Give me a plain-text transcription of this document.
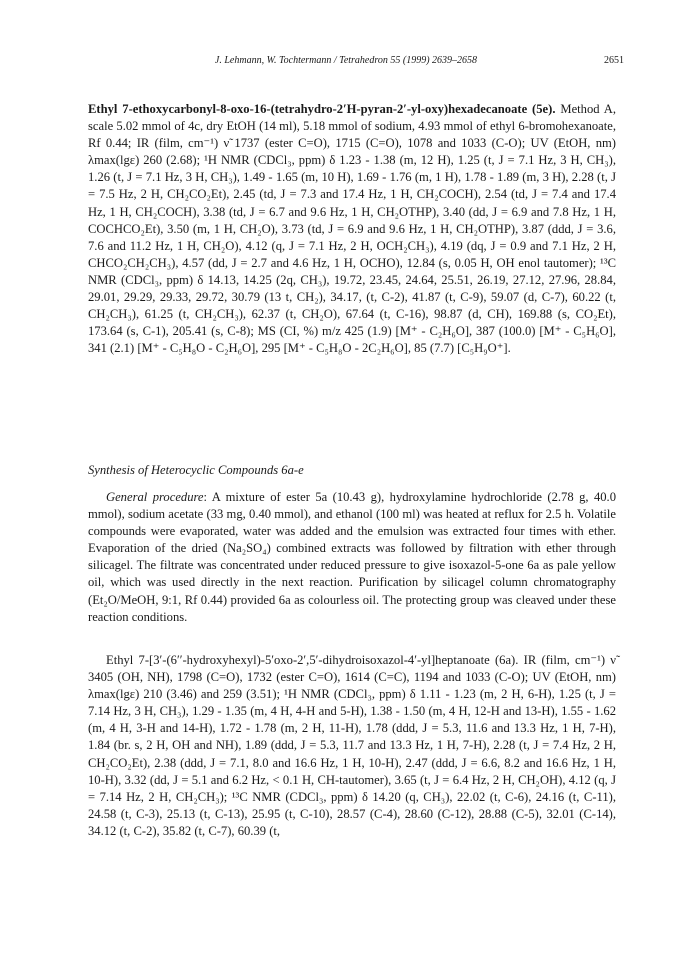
J. Lehmann, W. Tochtermann / Tetrahedron 55 (1999) 2639–2658	2651

Ethyl 7-ethoxycarbonyl-8-oxo-16-(tetrahydro-2′H-pyran-2′-yl-oxy)hexadecanoate (5e). Method A, scale 5.02 mmol of 4c, dry EtOH (14 ml), 5.18 mmol of sodium, 4.93 mmol of ethyl 6-bromohexanoate, Rf 0.44; IR (film, cm⁻¹) ν̃ 1737 (ester C=O), 1715 (C=O), 1078 and 1033 (C-O); UV (EtOH, nm) λmax(lgε) 260 (2.68); ¹H NMR (CDCl₃, ppm) δ 1.23 - 1.38 (m, 12 H), 1.25 (t, J = 7.1 Hz, 3 H, CH₃), 1.26 (t, J = 7.1 Hz, 3 H, CH₃), 1.49 - 1.65 (m, 10 H), 1.69 - 1.76 (m, 1 H), 1.78 - 1.89 (m, 3 H), 2.28 (t, J = 7.5 Hz, 2 H, CH₂CO₂Et), 2.45 (td, J = 7.3 and 17.4 Hz, 1 H, CH₂COCH), 2.54 (td, J = 7.4 and 17.4 Hz, 1 H, CH₂COCH), 3.38 (td, J = 6.7 and 9.6 Hz, 1 H, CH₂OTHP), 3.40 (dd, J = 6.9 and 7.8 Hz, 1 H, COCHCO₂Et), 3.50 (m, 1 H, CH₂O), 3.73 (td, J = 6.9 and 9.6 Hz, 1 H, CH₂OTHP), 3.87 (ddd, J = 3.6, 7.6 and 11.2 Hz, 1 H, CH₂O), 4.12 (q, J = 7.1 Hz, 2 H, OCH₂CH₃), 4.19 (dq, J = 0.9 and 7.1 Hz, 2 H, CHCO₂CH₂CH₃), 4.57 (dd, J = 2.7 and 4.6 Hz, 1 H, OCHO), 12.84 (s, 0.05 H, OH enol tautomer); ¹³C NMR (CDCl₃, ppm) δ 14.13, 14.25 (2q, CH₃), 19.72, 23.45, 24.64, 25.51, 26.19, 27.12, 27.96, 28.84, 29.01, 29.29, 29.33, 29.72, 30.79 (13 t, CH₂), 34.17, (t, C-2), 41.87 (t, C-9), 59.07 (d, C-7), 60.22 (t, CH₂CH₃), 61.25 (t, CH₂CH₃), 62.37 (t, CH₂O), 67.64 (t, C-16), 98.87 (d, CH), 169.88 (s, CO₂Et), 173.64 (s, C-1), 205.41 (s, C-8); MS (CI, %) m/z 425 (1.9) [M⁺ - C₂H₆O], 387 (100.0) [M⁺ - C₅H₆O], 341 (2.1) [M⁺ - C₅H₈O - C₂H₆O], 295 [M⁺ - C₅H₈O - 2C₂H₆O], 85 (7.7) [C₅H₉O⁺].

Synthesis of Heterocyclic Compounds 6a-e

General procedure: A mixture of ester 5a (10.43 g), hydroxylamine hydrochloride (2.78 g, 40.0 mmol), sodium acetate (33 mg, 0.40 mmol), and ethanol (100 ml) was heated at reflux for 2.5 h. Volatile compounds were evaporated, water was added and the emulsion was extracted four times with ether. Evaporation of the dried (Na₂SO₄) combined extracts was followed by filtration with ether through silicagel. The filtrate was concentrated under reduced pressure to give isoxazol-5-one 6a as pale yellow oil, which was used directly in the next reaction. Purification by silicagel column chromatography (Et₂O/MeOH, 9:1, Rf 0.44) provided 6a as colourless oil. The protecting group was cleaved under these reaction conditions.

Ethyl 7-[3′-(6′′-hydroxyhexyl)-5′oxo-2′,5′-dihydroisoxazol-4′-yl]heptanoate (6a). IR (film, cm⁻¹) ν̃ 3405 (OH, NH), 1798 (C=O), 1732 (ester C=O), 1614 (C=C), 1194 and 1033 (C-O); UV (EtOH, nm) λmax(lgε) 210 (3.46) and 259 (3.51); ¹H NMR (CDCl₃, ppm) δ 1.11 - 1.23 (m, 2 H, 6-H), 1.25 (t, J = 7.14 Hz, 3 H, CH₃), 1.29 - 1.35 (m, 4 H, 4-H and 5-H), 1.38 - 1.50 (m, 4 H, 12-H and 13-H), 1.55 - 1.62 (m, 4 H, 3-H and 14-H), 1.72 - 1.78 (m, 2 H, 11-H), 1.78 (ddd, J = 5.3, 11.6 and 13.3 Hz, 1 H, 7-H), 1.84 (br. s, 2 H, OH and NH), 1.89 (ddd, J = 5.3, 11.7 and 13.3 Hz, 1 H, 7-H), 2.28 (t, J = 7.4 Hz, 2 H, CH₂CO₂Et), 2.38 (ddd, J = 7.1, 8.0 and 16.6 Hz, 1 H, 10-H), 2.47 (ddd, J = 6.6, 8.2 and 16.6 Hz, 1 H, 10-H), 3.32 (dd, J = 5.1 and 6.2 Hz, < 0.1 H, CH-tautomer), 3.65 (t, J = 6.4 Hz, 2 H, CH₂OH), 4.12 (q, J = 7.14 Hz, 2 H, CH₂CH₃); ¹³C NMR (CDCl₃, ppm) δ 14.20 (q, CH₃), 22.02 (t, C-6), 24.16 (t, C-11), 24.58 (t, C-3), 25.13 (t, C-13), 25.95 (t, C-10), 28.57 (C-4), 28.60 (C-12), 28.88 (C-5), 32.01 (C-14), 34.12 (t, C-2), 35.82 (t, C-7), 60.39 (t,
